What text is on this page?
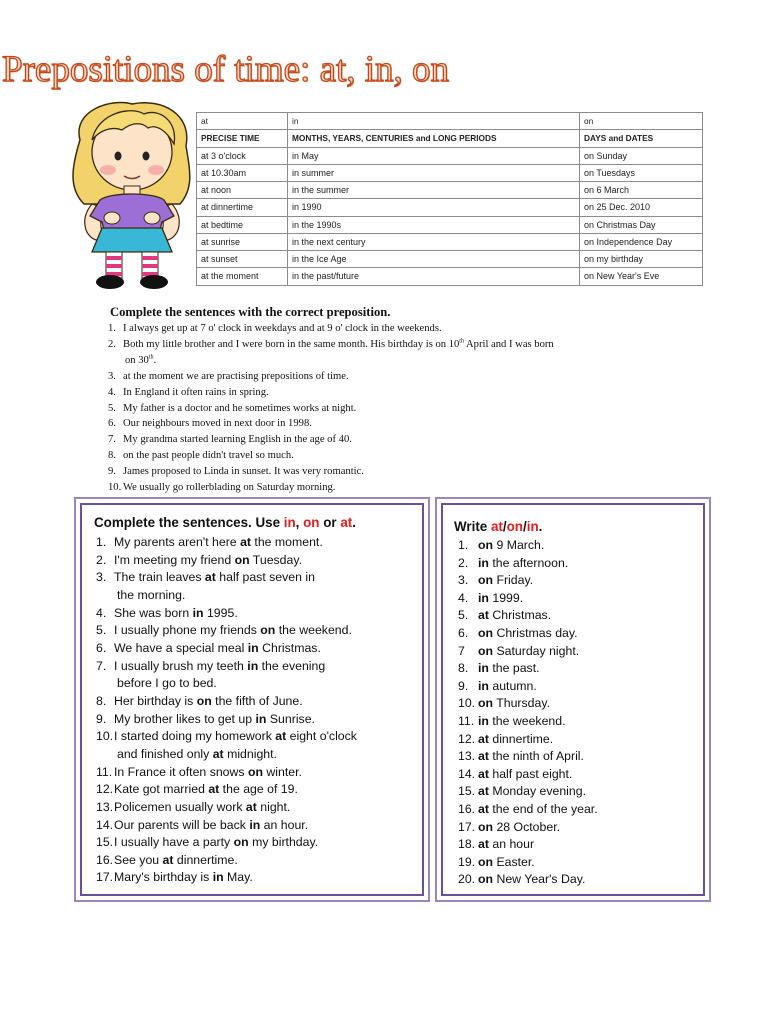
Prepositions of time: at, in, on
at	in	on
PRECISE TIME	MONTHS, YEARS, CENTURIES and LONG PERIODS	DAYS and DATES
at 3 o'clock	in May	on Sunday
at 10.30am	in summer	on Tuesdays
at noon	in the summer	on 6 March
at dinnertime	in 1990	on 25 Dec. 2010
at bedtime	in the 1990s	on Christmas Day
at sunrise	in the next century	on Independence Day
at sunset	in the Ice Age	on my birthday
at the moment	in the past/future	on New Year's Eve
Complete the sentences with the correct preposition.
1. I always get up at 7 o' clock in weekdays and at 9 o' clock in the weekends.
2. Both my little brother and I were born in the same month. His birthday is on 10th April and I was born
on 30th.
3. at the moment we are practising prepositions of time.
4. In England it often rains in spring.
5. My father is a doctor and he sometimes works at night.
6. Our neighbours moved in next door in 1998.
7. My grandma started learning English in the age of 40.
8. on the past people didn't travel so much.
9. James proposed to Linda in sunset. It was very romantic.
10. We usually go rollerblading on Saturday morning.
Complete the sentences. Use in, on or at.
1. My parents aren't here at the moment.
2. I'm meeting my friend on Tuesday.
3. The train leaves at half past seven in
the morning.
4. She was born in 1995.
5. I usually phone my friends on the weekend.
6. We have a special meal in Christmas.
7. I usually brush my teeth in the evening
before I go to bed.
8. Her birthday is on the fifth of June.
9. My brother likes to get up in Sunrise.
10.I started doing my homework at eight o'clock
and finished only at midnight.
11. In France it often snows on winter.
12.Kate got married at the age of 19.
13.Policemen usually work at night.
14.Our parents will be back in an hour.
15.I usually have a party on my birthday.
16.See you at dinnertime.
17.Mary's birthday is in May.
Write at/on/in.
1. on 9 March.
2. in the afternoon.
3. on Friday.
4. in 1999.
5. at Christmas.
6. on Christmas day.
7 on Saturday night.
8. in the past.
9. in autumn.
10. on Thursday.
11. in the weekend.
12. at dinnertime.
13. at the ninth of April.
14. at half past eight.
15. at Monday evening.
16. at the end of the year.
17. on 28 October.
18. at an hour
19. on Easter.
20. on New Year's Day.
